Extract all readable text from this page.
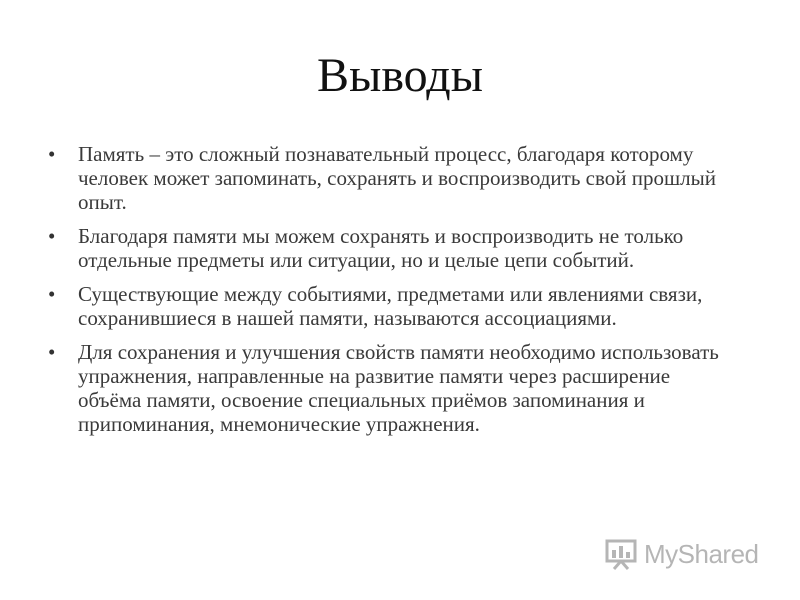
Выводы
• Память – это сложный познавательный процесс, благодаря которому человек может запоминать, сохранять и воспроизводить свой прошлый опыт.
• Благодаря памяти мы можем сохранять и воспроизводить не только отдельные предметы или ситуации, но и целые цепи событий.
• Существующие между событиями, предметами или явлениями связи, сохранившиеся в нашей памяти, называются ассоциациями.
• Для сохранения и улучшения свойств памяти необходимо использовать упражнения, направленные на развитие памяти через расширение объёма памяти, освоение специальных приёмов запоминания и припоминания, мнемонические упражнения.
MyShared
